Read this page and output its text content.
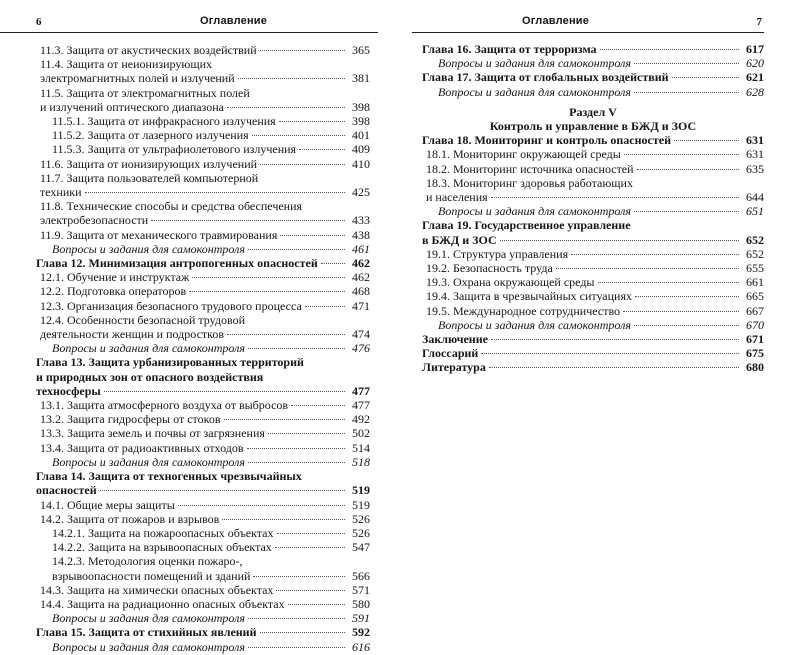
6	Оглавление
11.3. Защита от акустических воздействий	365
11.4. Защита от неионизирующих
электромагнитных полей и излучений	381
11.5. Защита от электромагнитных полей
и излучений оптического диапазона	398
11.5.1. Защита от инфракрасного излучения	398
11.5.2. Защита от лазерного излучения	401
11.5.3. Защита от ультрафиолетового излучения	409
11.6. Защита от ионизирующих излучений	410
11.7. Защита пользователей компьютерной
техники	425
11.8. Технические способы и средства обеспечения
электробезопасности	433
11.9. Защита от механического травмирования	438
Вопросы и задания для самоконтроля	461
Глава 12. Минимизация антропогенных опасностей	462
12.1. Обучение и инструктаж	462
12.2. Подготовка операторов	468
12.3. Организация безопасного трудового процесса	471
12.4. Особенности безопасной трудовой
деятельности женщин и подростков	474
Вопросы и задания для самоконтроля	476
Глава 13. Защита урбанизированных территорий
и природных зон от опасного воздействия
техносферы	477
13.1. Защита атмосферного воздуха от выбросов	477
13.2. Защита гидросферы от стоков	492
13.3. Защита земель и почвы от загрязнения	502
13.4. Защита от радиоактивных отходов	514
Вопросы и задания для самоконтроля	518
Глава 14. Защита от техногенных чрезвычайных
опасностей	519
14.1. Общие меры защиты	519
14.2. Защита от пожаров и взрывов	526
14.2.1. Защита на пожароопасных объектах	526
14.2.2. Защита на взрывоопасных объектах	547
14.2.3. Методология оценки пожаро-,
взрывоопасности помещений и зданий	566
14.3. Защита на химически опасных объектах	571
14.4. Защита на радиационно опасных объектах	580
Вопросы и задания для самоконтроля	591
Глава 15. Защита от стихийных явлений	592
Вопросы и задания для самоконтроля	616
Оглавление	7
Глава 16. Защита от терроризма	617
Вопросы и задания для самоконтроля	620
Глава 17. Защита от глобальных воздействий	621
Вопросы и задания для самоконтроля	628
Раздел V
Контроль и управление в БЖД и ЗОС
Глава 18. Мониторинг и контроль опасностей	631
18.1. Мониторинг окружающей среды	631
18.2. Мониторинг источника опасностей	635
18.3. Мониторинг здоровья работающих
и населения	644
Вопросы и задания для самоконтроля	651
Глава 19. Государственное управление
в БЖД и ЗОС	652
19.1. Структура управления	652
19.2. Безопасность труда	655
19.3. Охрана окружающей среды	661
19.4. Защита в чрезвычайных ситуациях	665
19.5. Международное сотрудничество	667
Вопросы и задания для самоконтроля	670
Заключение	671
Глоссарий	675
Литература	680
